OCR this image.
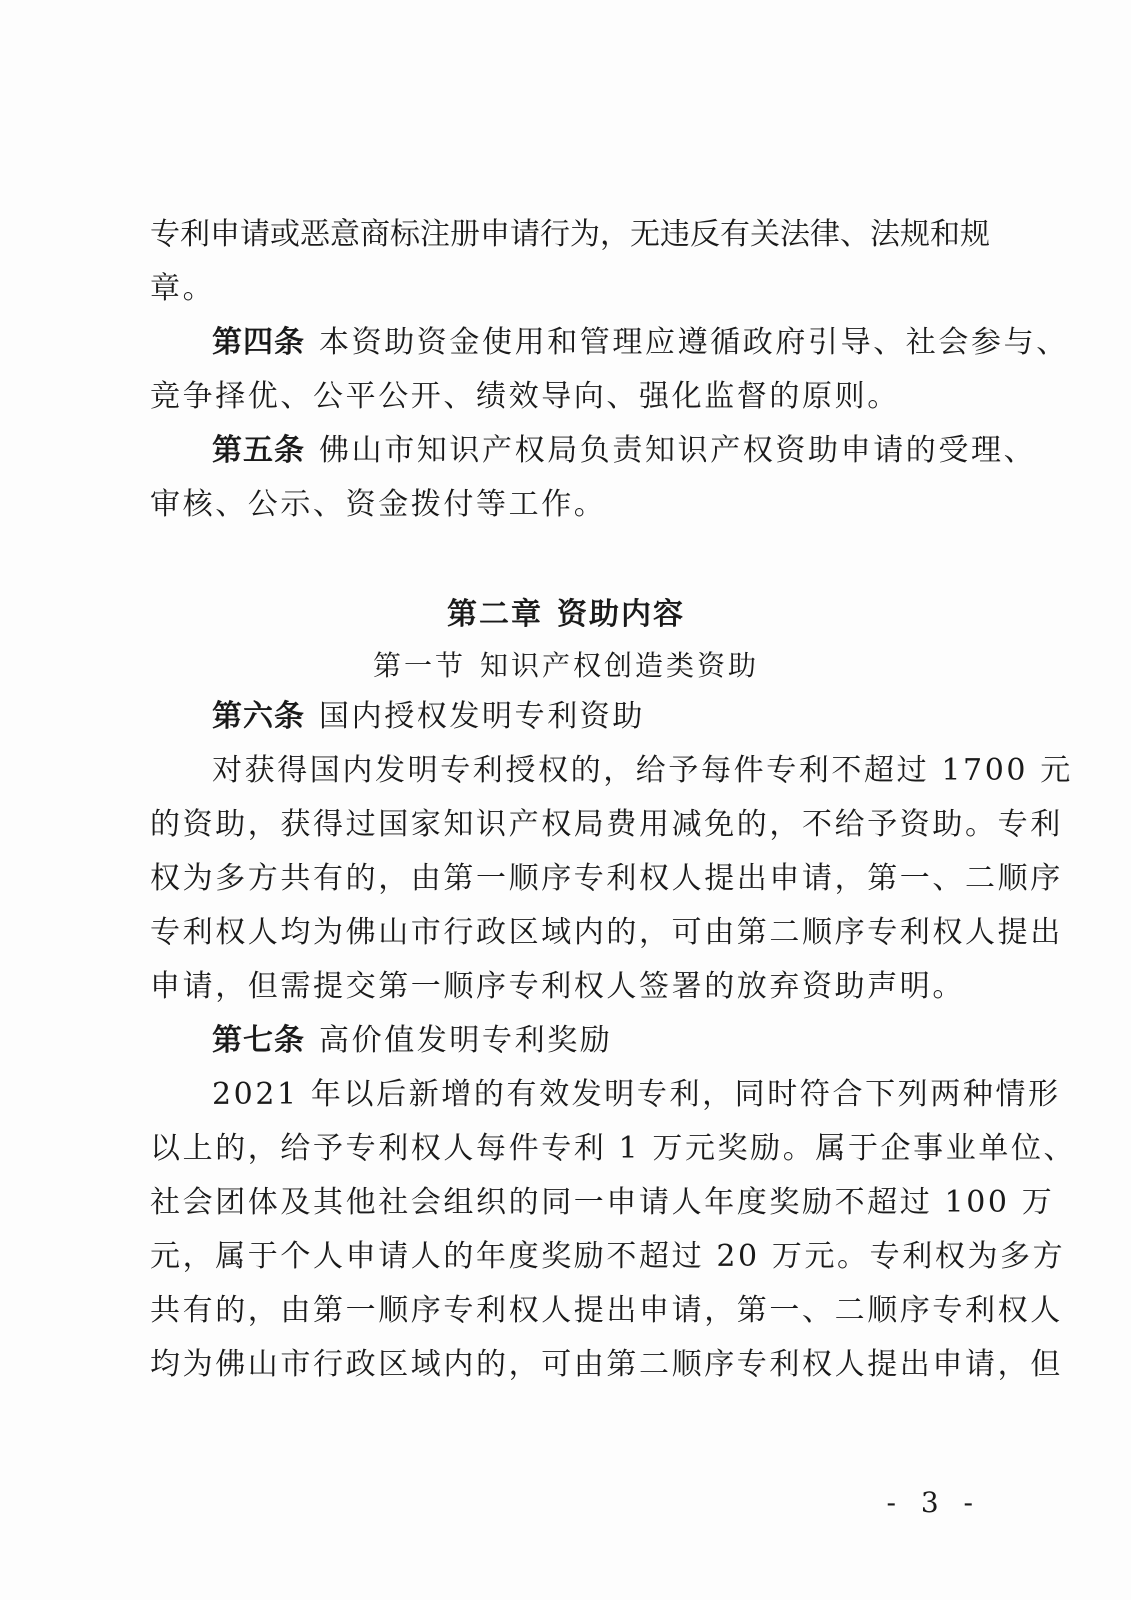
专利申请或恶意商标注册申请行为，无违反有关法律、法规和规
章。
第四条 本资助资金使用和管理应遵循政府引导、社会参与、
竞争择优、公平公开、绩效导向、强化监督的原则。
第五条 佛山市知识产权局负责知识产权资助申请的受理、
审核、公示、资金拨付等工作。
第二章 资助内容
第一节 知识产权创造类资助
第六条 国内授权发明专利资助
对获得国内发明专利授权的，给予每件专利不超过 1700 元
的资助，获得过国家知识产权局费用减免的，不给予资助。专利
权为多方共有的，由第一顺序专利权人提出申请，第一、二顺序
专利权人均为佛山市行政区域内的，可由第二顺序专利权人提出
申请，但需提交第一顺序专利权人签署的放弃资助声明。
第七条 高价值发明专利奖励
2021 年以后新增的有效发明专利，同时符合下列两种情形
以上的，给予专利权人每件专利 1 万元奖励。属于企事业单位、
社会团体及其他社会组织的同一申请人年度奖励不超过 100 万
元，属于个人申请人的年度奖励不超过 20 万元。专利权为多方
共有的，由第一顺序专利权人提出申请，第一、二顺序专利权人
均为佛山市行政区域内的，可由第二顺序专利权人提出申请，但
- 3 -
